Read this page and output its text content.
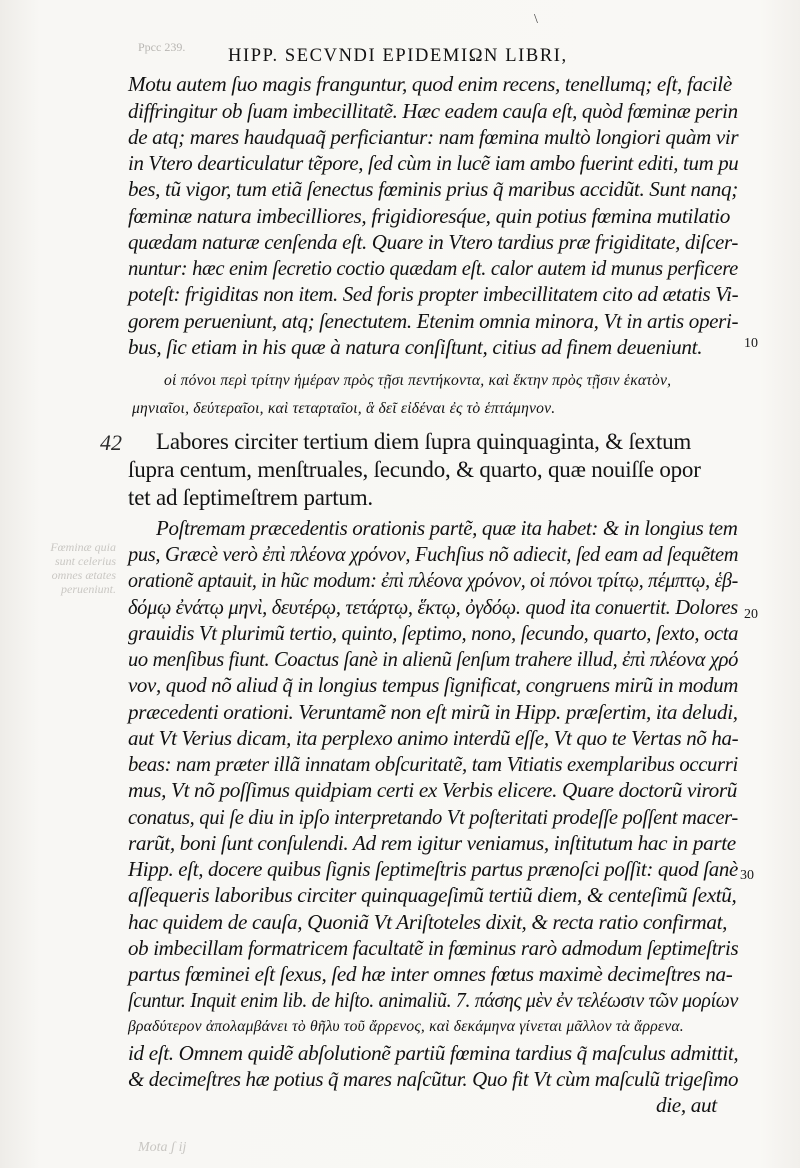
Ppcc 239.
\
HIPP. SECVNDI EPIDEMIΩN LIBRI,
Motu autem ſuo magis franguntur, quod enim recens, tenellumq; eſt, facilè
diffringitur ob ſuam imbecillitatẽ. Hæc eadem cauſa eſt, quòd fœminæ perin
de atq; mares haudquaq̃ perficiantur: nam fœmina multò longiori quàm vir
in Vtero dearticulatur tẽpore, ſed cùm in lucẽ iam ambo fuerint editi, tum pu
bes, tũ vigor, tum etiã ſenectus fœminis prius q̃ maribus accidũt. Sunt nanq;
fœminæ natura imbecilliores, frigidioresq́ue, quin potius fœmina mutilatio
quædam naturæ cenſenda eſt. Quare in Vtero tardius præ frigiditate, diſcer-
nuntur: hæc enim ſecretio coctio quædam eſt. calor autem id munus perficere
poteſt: frigiditas non item. Sed foris propter imbecillitatem cito ad ætatis Vi-
gorem perueniunt, atq; ſenectutem. Etenim omnia minora, Vt in artis operi-
bus, ſic etiam in his quæ à natura conſiſtunt, citius ad finem deueniunt.	10
οἱ πόνοι περὶ τρίτην ἡμέραν πρὸς τῇσι πεντήκοντα, καὶ ἕκτην πρὸς τῇσιν ἑκατὸν,
μηνιαῖοι, δεύτεραῖοι, καὶ τεταρταῖοι, ἃ δεῖ εἰδέναι ἐς τὸ ἑπτάμηνον.
42 Labores circiter tertium diem ſupra quinquaginta, & ſextum
ſupra centum, menſtruales, ſecundo, & quarto, quæ nouiſſe opor
tet ad ſeptimeſtrem partum.
Fœminæ quia
sunt celerius
omnes ætates
perueniunt.
Poſtremam præcedentis orationis partẽ, quæ ita habet: & in longius tem
pus, Græcè verò ἐπὶ πλέονα χρόνον, Fuchſius nõ adiecit, ſed eam ad ſequẽtem
orationẽ aptauit, in hũc modum: ἐπὶ πλέονα χρόνον, οἱ πόνοι τρίτῳ, πέμπτῳ, ἑβ-
δόμῳ ἐνάτῳ μηνὶ, δευτέρῳ, τετάρτῳ, ἕκτῳ, ὀγδόῳ. quod ita conuertit. Dolores
grauidis Vt plurimũ tertio, quinto, ſeptimo, nono, ſecundo, quarto, ſexto, octa
uo menſibus fiunt. Coactus ſanè in alienũ ſenſum trahere illud, ἐπὶ πλέονα χρό
νον, quod nõ aliud q̃ in longius tempus ſignificat, congruens mirũ in modum
præcedenti orationi. Veruntamẽ non eſt mirũ in Hipp. præſertim, ita deludi,
aut Vt Verius dicam, ita perplexo animo interdũ eſſe, Vt quo te Vertas nõ ha-
beas: nam præter illã innatam obſcuritatẽ, tam Vitiatis exemplaribus occurri
mus, Vt nõ poſſimus quidpiam certi ex Verbis elicere. Quare doctorũ virorũ
conatus, qui ſe diu in ipſo interpretando Vt poſteritati prodeſſe poſſent macer-
rarũt, boni ſunt conſulendi. Ad rem igitur veniamus, inſtitutum hac in parte
Hipp. eſt, docere quibus ſignis ſeptimeſtris partus prænoſci poſſit: quod ſanè
aſſequeris laboribus circiter quinquageſimũ tertiũ diem, & centeſimũ ſextũ,
hac quidem de cauſa, Quoniã Vt Ariſtoteles dixit, & recta ratio confirmat,
ob imbecillam formatricem facultatẽ in fœminus rarò admodum ſeptimeſtris
partus fœminei eſt ſexus, ſed hæ inter omnes fœtus maximè decimeſtres na-
ſcuntur. Inquit enim lib. de hiſto. animaliũ. 7. πάσης μὲν ἐν τελέωσιν τῶν μορίων
βραδύτερον ἀπολαμβάνει τὸ θῆλυ τοῦ ἄρρενος, καὶ δεκάμηνα γίνεται μᾶλλον τὰ ἄρρενα.
id eſt. Omnem quidẽ abſolutionẽ partiũ fœmina tardius q̃ maſculus admittit,
& decimeſtres hæ potius q̃ mares naſcũtur. Quo fit Vt cùm maſculũ trigeſimo
die, aut
20
30
Mota ʃ ij
